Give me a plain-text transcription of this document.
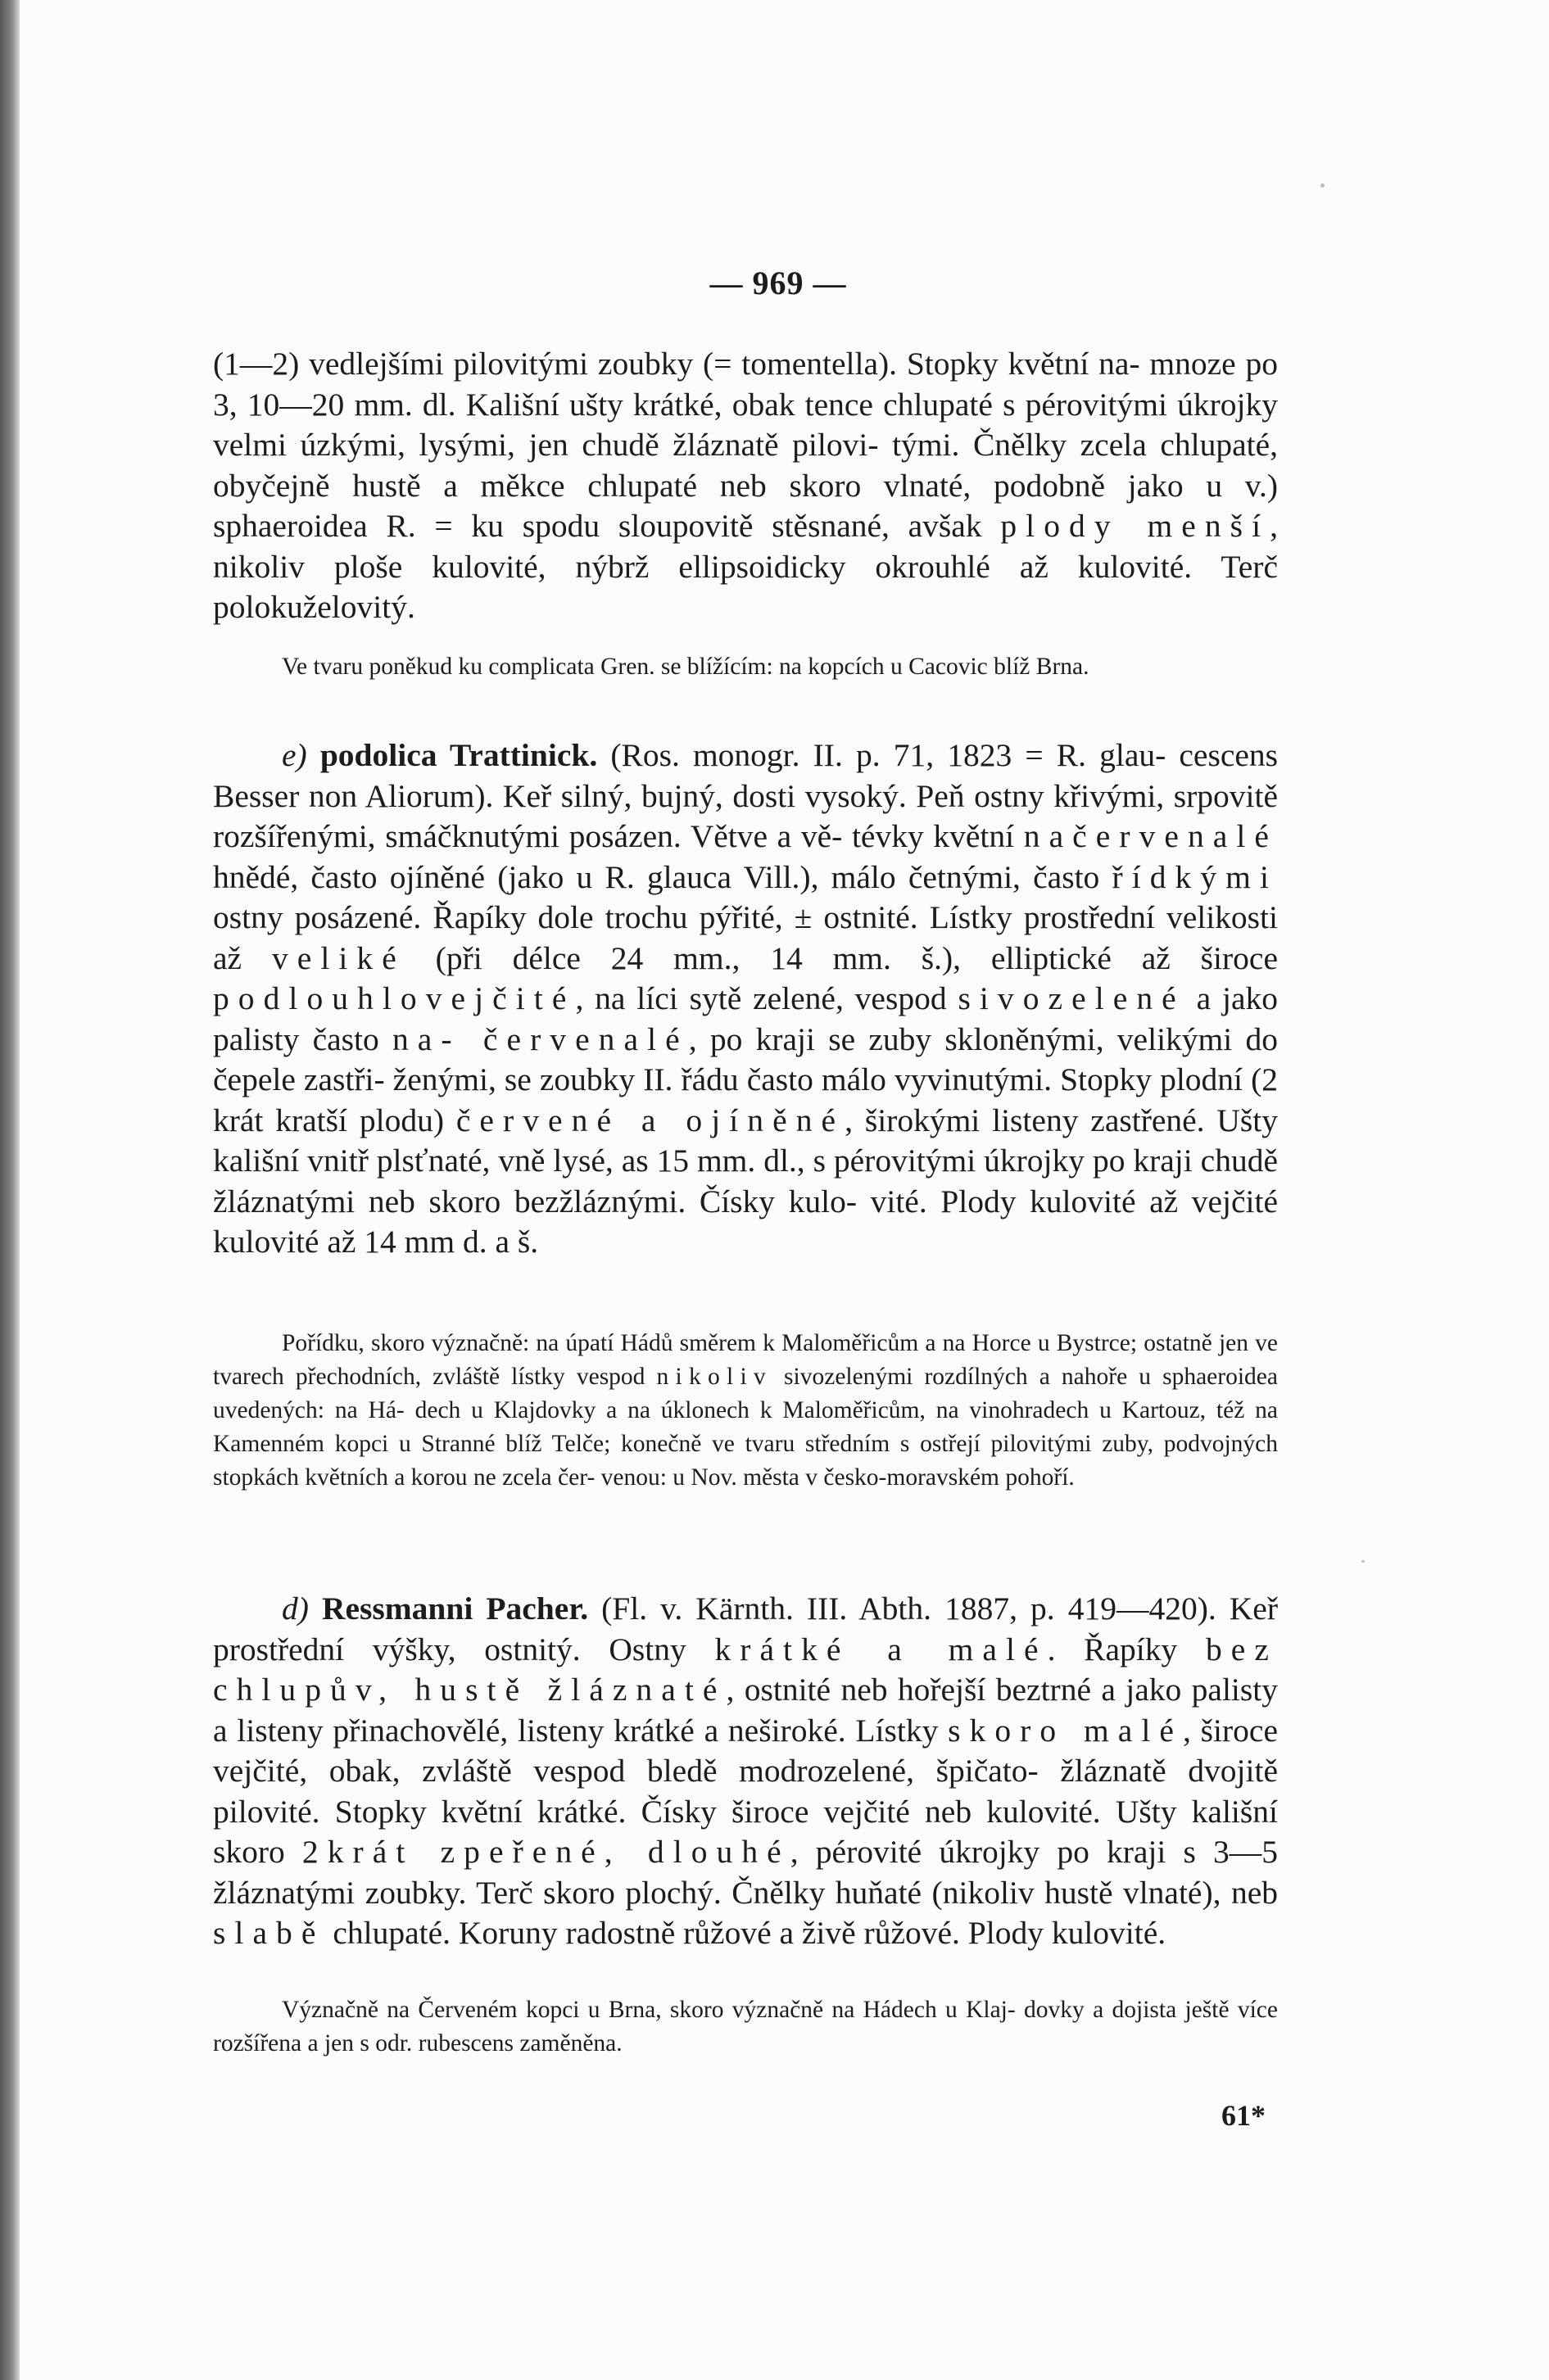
— 969 —

(1—2) vedlejšími pilovitými zoubky (= tomentella). Stopky květní na- mnoze po 3, 10—20 mm. dl. Kališní ušty krátké, obak tence chlupaté s pérovitými úkrojky velmi úzkými, lysými, jen chudě žláznatě pilovi- tými. Čnělky zcela chlupaté, obyčejně hustě a měkce chlupaté neb skoro vlnaté, podobně jako u v.) sphaeroidea R. = ku spodu sloupovitě stěsnané, avšak plody menší, nikoliv ploše kulovité, nýbrž ellipsoidicky okrouhlé až kulovité. Terč polokuželovitý.

Ve tvaru poněkud ku complicata Gren. se blížícím: na kopcích u Cacovic blíž Brna.

e) podolica Trattinick. (Ros. monogr. II. p. 71, 1823 = R. glau- cescens Besser non Aliorum). Keř silný, bujný, dosti vysoký. Peň ostny křivými, srpovitě rozšířenými, smáčknutými posázen. Větve a vě- tévky květní načervenalé hnědé, často ojíněné (jako u R. glauca Vill.), málo četnými, často řídkými ostny posázené. Řapíky dole trochu pýřité, ± ostnité. Lístky prostřední velikosti až veliké (při délce 24 mm., 14 mm. š.), elliptické až široce podlouhlovejčité, na líci sytě zelené, vespod sivozelené a jako palisty často na- červenalé, po kraji se zuby skloněnými, velikými do čepele zastři- ženými, se zoubky II. řádu často málo vyvinutými. Stopky plodní (2 krát kratší plodu) červené a ojíněné, širokými listeny zastřené. Ušty kališní vnitř plsťnaté, vně lysé, as 15 mm. dl., s pérovitými úkrojky po kraji chudě žláznatými neb skoro bezžláznými. Čísky kulo- vité. Plody kulovité až vejčité kulovité až 14 mm d. a š.

Pořídku, skoro význačně: na úpatí Hádů směrem k Maloměřicům a na Horce u Bystrce; ostatně jen ve tvarech přechodních, zvláště lístky vespod nikoliv sivozelenými rozdílných a nahoře u sphaeroidea uvedených: na Há- dech u Klajdovky a na úklonech k Maloměřicům, na vinohradech u Kartouz, též na Kamenném kopci u Stranné blíž Telče; konečně ve tvaru středním s ostřejí pilovitými zuby, podvojných stopkách květních a korou ne zcela čer- venou: u Nov. města v česko-moravském pohoří.

d) Ressmanni Pacher. (Fl. v. Kärnth. III. Abth. 1887, p. 419—420). Keř prostřední výšky, ostnitý. Ostny krátké a malé. Řapíky bez chlupův, hustě žláznaté, ostnité neb hořejší beztrné a jako palisty a listeny přinachovělé, listeny krátké a neširoké. Lístky skoro malé, široce vejčité, obak, zvláště vespod bledě modrozelené, špičato- žláznatě dvojitě pilovité. Stopky květní krátké. Čísky široce vejčité neb kulovité. Ušty kališní skoro 2krát zpeřené, dlouhé, pérovité úkrojky po kraji s 3—5 žláznatými zoubky. Terč skoro plochý. Čnělky huňaté (nikoliv hustě vlnaté), neb slabě chlupaté. Koruny radostně růžové a živě růžové. Plody kulovité.

Význačně na Červeném kopci u Brna, skoro význačně na Hádech u Klaj- dovky a dojista ještě více rozšířena a jen s odr. rubescens zaměněna.

61*
